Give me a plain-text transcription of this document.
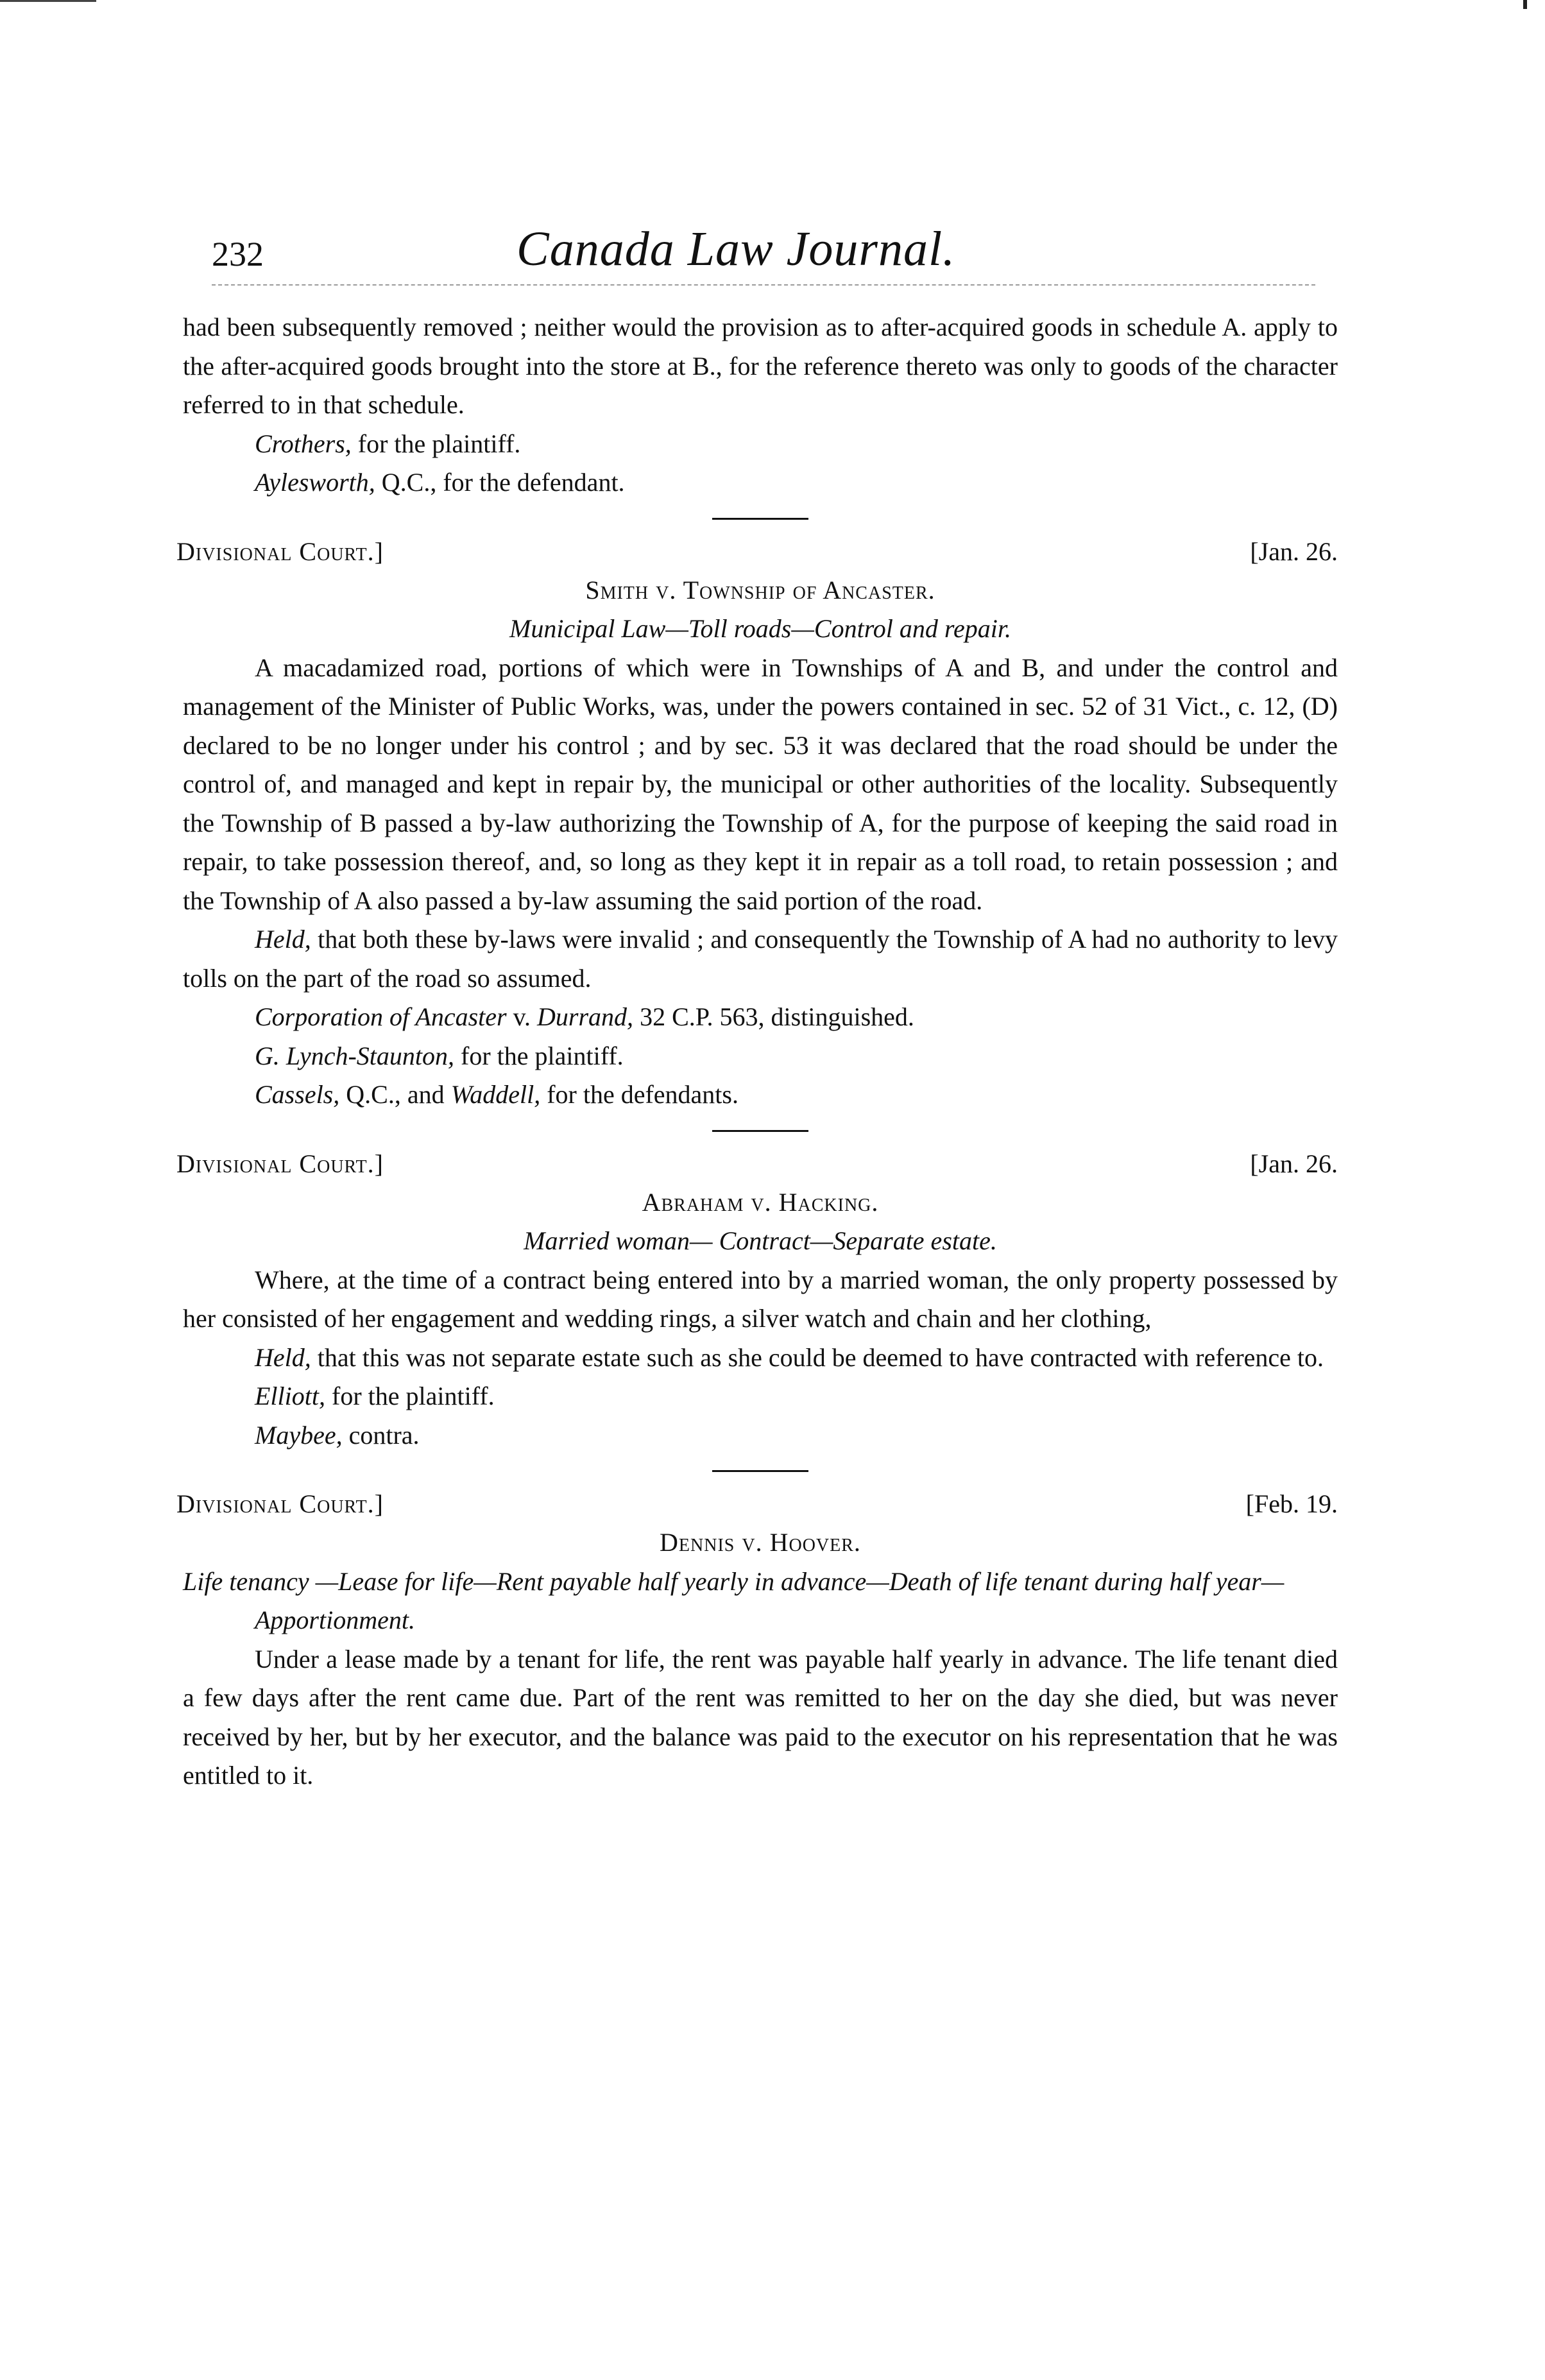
232	Canada Law Journal.

had been subsequently removed ; neither would the provision as to after-acquired goods in schedule A. apply to the after-acquired goods brought into the store at B., for the reference thereto was only to goods of the character referred to in that schedule.

Crothers, for the plaintiff.

Aylesworth, Q.C., for the defendant.

Divisional Court.]	[Jan. 26.
Smith v. Township of Ancaster.
Municipal Law—Toll roads—Control and repair.

A macadamized road, portions of which were in Townships of A and B, and under the control and management of the Minister of Public Works, was, under the powers contained in sec. 52 of 31 Vict., c. 12, (D) declared to be no longer under his control ; and by sec. 53 it was declared that the road should be under the control of, and managed and kept in repair by, the municipal or other authorities of the locality. Subsequently the Township of B passed a by-law authorizing the Township of A, for the purpose of keeping the said road in repair, to take possession thereof, and, so long as they kept it in repair as a toll road, to retain possession ; and the Township of A also passed a by-law assuming the said portion of the road.

Held, that both these by-laws were invalid ; and consequently the Township of A had no authority to levy tolls on the part of the road so assumed.

Corporation of Ancaster v. Durrand, 32 C.P. 563, distinguished.

G. Lynch-Staunton, for the plaintiff.

Cassels, Q.C., and Waddell, for the defendants.

Divisional Court.]	[Jan. 26.
Abraham v. Hacking.
Married woman— Contract—Separate estate.

Where, at the time of a contract being entered into by a married woman, the only property possessed by her consisted of her engagement and wedding rings, a silver watch and chain and her clothing,

Held, that this was not separate estate such as she could be deemed to have contracted with reference to.

Elliott, for the plaintiff.

Maybee, contra.

Divisional Court.]	[Feb. 19.
Dennis v. Hoover.
Life tenancy —Lease for life—Rent payable half yearly in advance—Death of life tenant during half year—Apportionment.

Under a lease made by a tenant for life, the rent was payable half yearly in advance. The life tenant died a few days after the rent came due. Part of the rent was remitted to her on the day she died, but was never received by her, but by her executor, and the balance was paid to the executor on his representation that he was entitled to it.
